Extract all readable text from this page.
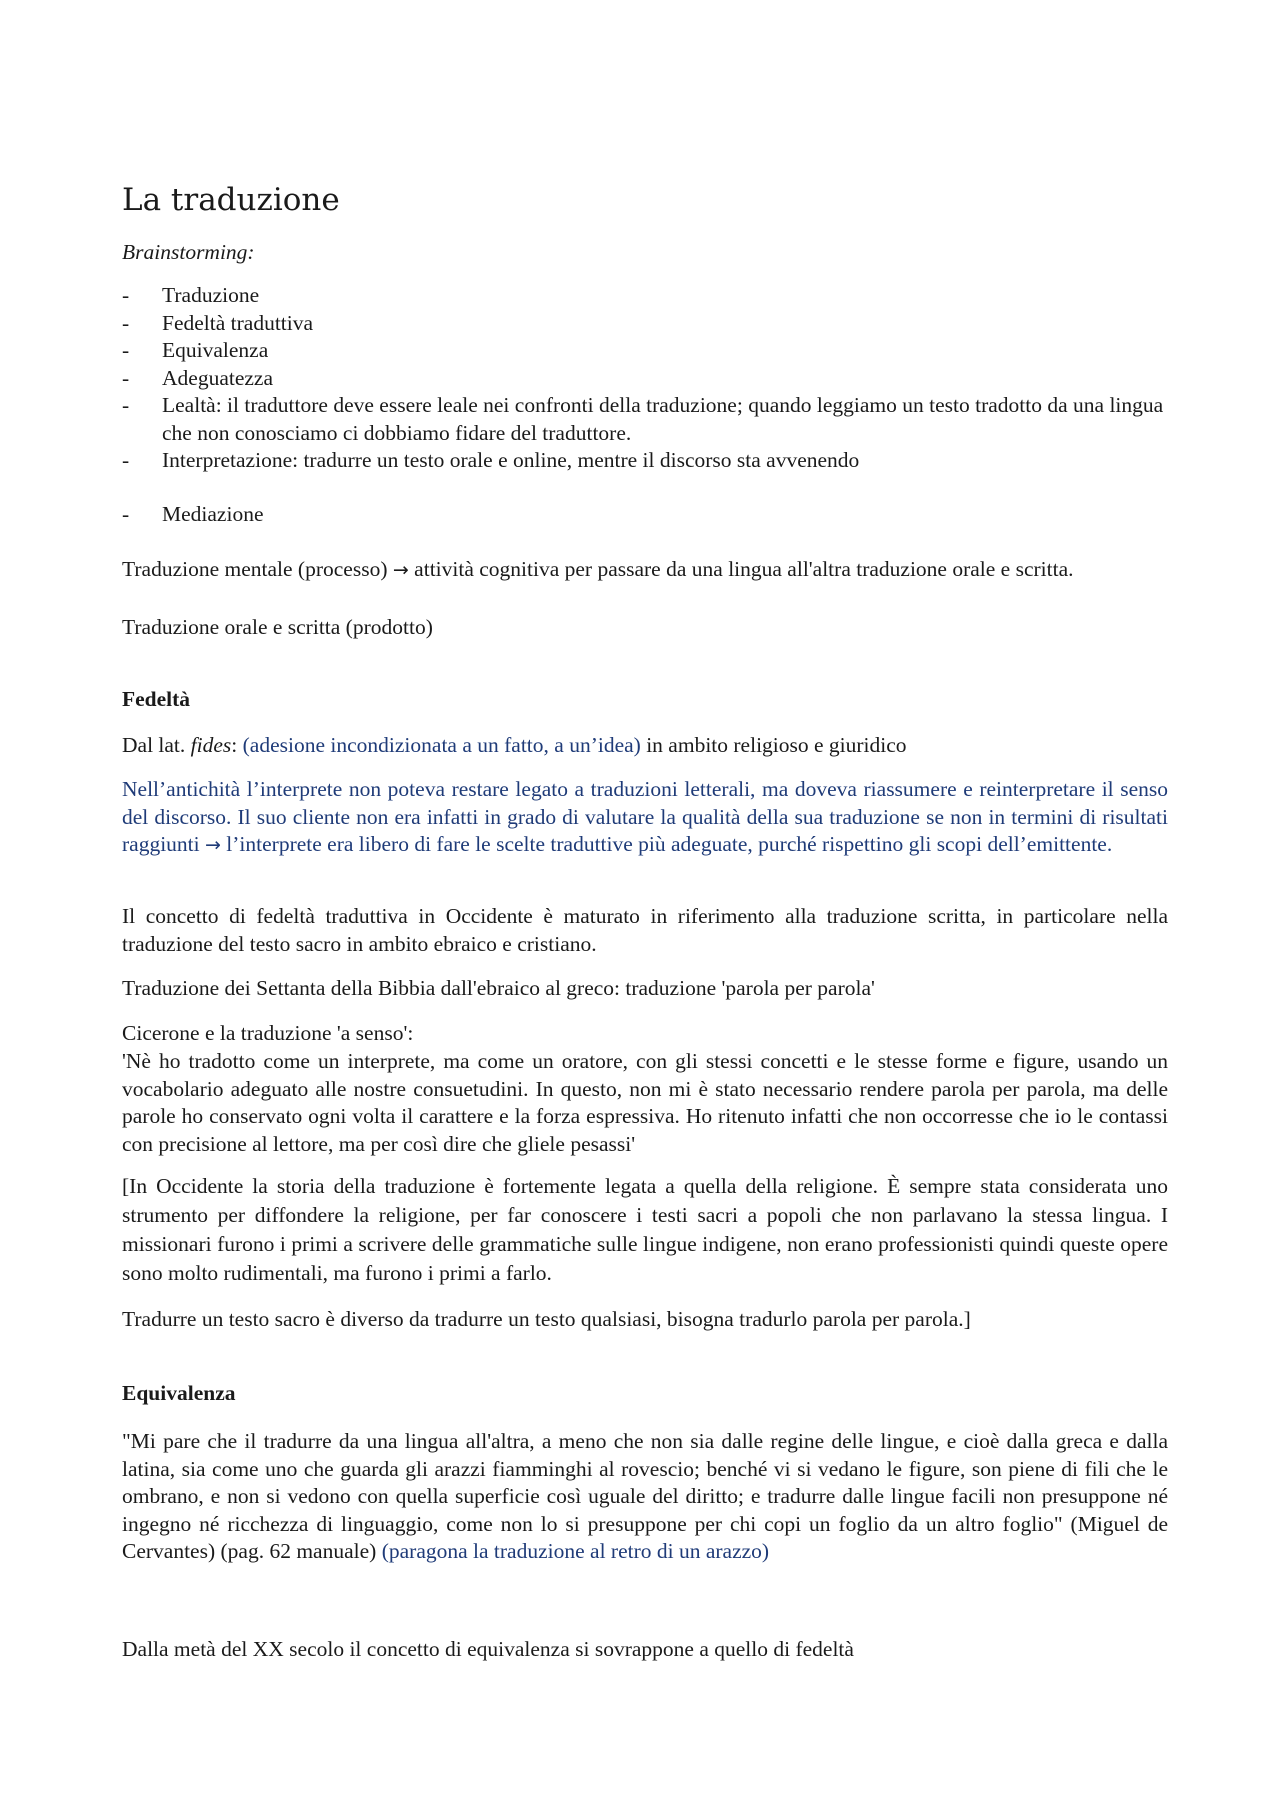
La traduzione

Brainstorming:

- Traduzione
- Fedeltà traduttiva
- Equivalenza
- Adeguatezza
- Lealtà: il traduttore deve essere leale nei confronti della traduzione; quando leggiamo un testo tradotto da una lingua che non conosciamo ci dobbiamo fidare del traduttore.
- Interpretazione: tradurre un testo orale e online, mentre il discorso sta avvenendo
- Mediazione

Traduzione mentale (processo) → attività cognitiva per passare da una lingua all'altra traduzione orale e scritta.

Traduzione orale e scritta (prodotto)

Fedeltà

Dal lat. fides: (adesione incondizionata a un fatto, a un’idea) in ambito religioso e giuridico

Nell’antichità l’interprete non poteva restare legato a traduzioni letterali, ma doveva riassumere e reinterpretare il senso del discorso. Il suo cliente non era infatti in grado di valutare la qualità della sua traduzione se non in termini di risultati raggiunti → l’interprete era libero di fare le scelte traduttive più adeguate, purché rispettino gli scopi dell’emittente.

Il concetto di fedeltà traduttiva in Occidente è maturato in riferimento alla traduzione scritta, in particolare nella traduzione del testo sacro in ambito ebraico e cristiano.

Traduzione dei Settanta della Bibbia dall'ebraico al greco: traduzione 'parola per parola'

Cicerone e la traduzione 'a senso':

'Nè ho tradotto come un interprete, ma come un oratore, con gli stessi concetti e le stesse forme e figure, usando un vocabolario adeguato alle nostre consuetudini. In questo, non mi è stato necessario rendere parola per parola, ma delle parole ho conservato ogni volta il carattere e la forza espressiva. Ho ritenuto infatti che non occorresse che io le contassi con precisione al lettore, ma per così dire che gliele pesassi'

[In Occidente la storia della traduzione è fortemente legata a quella della religione. È sempre stata considerata uno strumento per diffondere la religione, per far conoscere i testi sacri a popoli che non parlavano la stessa lingua. I missionari furono i primi a scrivere delle grammatiche sulle lingue indigene, non erano professionisti quindi queste opere sono molto rudimentali, ma furono i primi a farlo.

Tradurre un testo sacro è diverso da tradurre un testo qualsiasi, bisogna tradurlo parola per parola.]

Equivalenza

"Mi pare che il tradurre da una lingua all'altra, a meno che non sia dalle regine delle lingue, e cioè dalla greca e dalla latina, sia come uno che guarda gli arazzi fiamminghi al rovescio; benché vi si vedano le figure, son piene di fili che le ombrano, e non si vedono con quella superficie così uguale del diritto; e tradurre dalle lingue facili non presuppone né ingegno né ricchezza di linguaggio, come non lo si presuppone per chi copi un foglio da un altro foglio" (Miguel de Cervantes) (pag. 62 manuale) (paragona la traduzione al retro di un arazzo)

Dalla metà del XX secolo il concetto di equivalenza si sovrappone a quello di fedeltà
